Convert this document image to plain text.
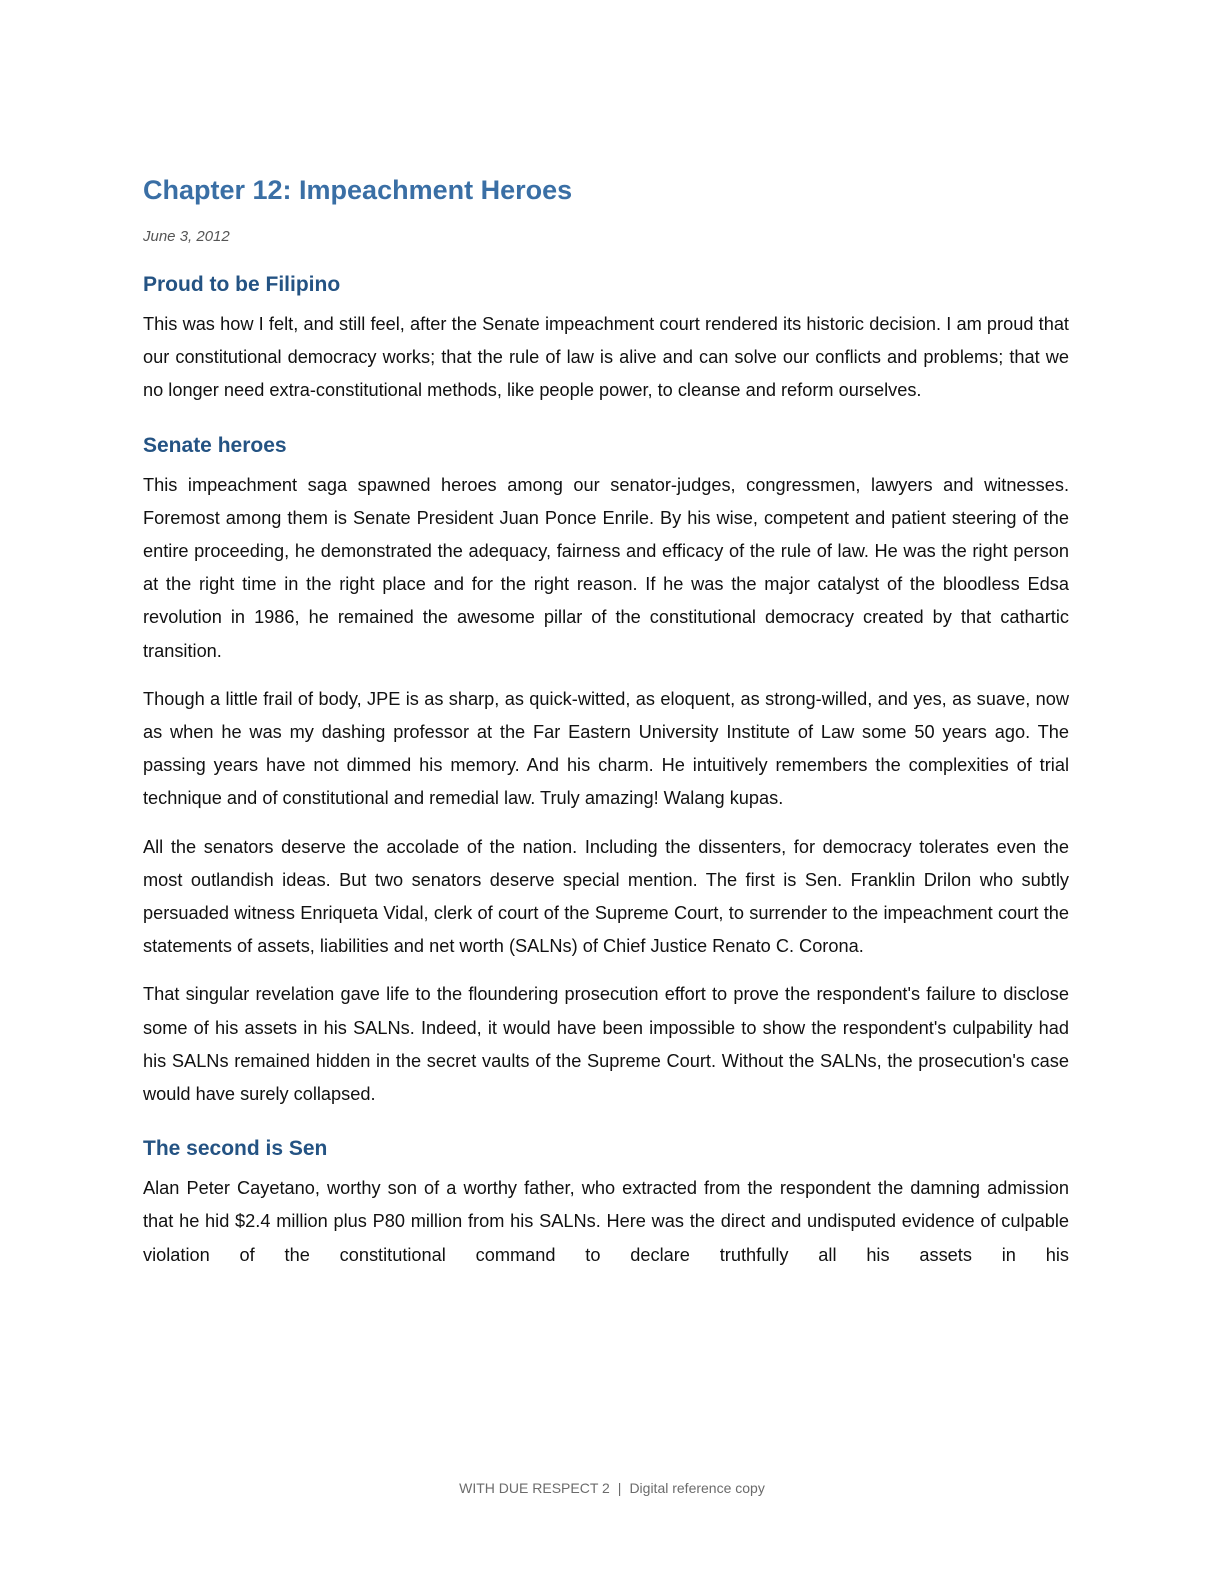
Chapter 12: Impeachment Heroes

June 3, 2012

Proud to be Filipino

This was how I felt, and still feel, after the Senate impeachment court rendered its historic decision. I am proud that our constitutional democracy works; that the rule of law is alive and can solve our conflicts and problems; that we no longer need extra-constitutional methods, like people power, to cleanse and reform ourselves.

Senate heroes

This impeachment saga spawned heroes among our senator-judges, congressmen, lawyers and witnesses. Foremost among them is Senate President Juan Ponce Enrile. By his wise, competent and patient steering of the entire proceeding, he demonstrated the adequacy, fairness and efficacy of the rule of law. He was the right person at the right time in the right place and for the right reason. If he was the major catalyst of the bloodless Edsa revolution in 1986, he remained the awesome pillar of the constitutional democracy created by that cathartic transition.

Though a little frail of body, JPE is as sharp, as quick-witted, as eloquent, as strong-willed, and yes, as suave, now as when he was my dashing professor at the Far Eastern University Institute of Law some 50 years ago. The passing years have not dimmed his memory. And his charm. He intuitively remembers the complexities of trial technique and of constitutional and remedial law. Truly amazing! Walang kupas.

All the senators deserve the accolade of the nation. Including the dissenters, for democracy tolerates even the most outlandish ideas. But two senators deserve special mention. The first is Sen. Franklin Drilon who subtly persuaded witness Enriqueta Vidal, clerk of court of the Supreme Court, to surrender to the impeachment court the statements of assets, liabilities and net worth (SALNs) of Chief Justice Renato C. Corona.

That singular revelation gave life to the floundering prosecution effort to prove the respondent's failure to disclose some of his assets in his SALNs. Indeed, it would have been impossible to show the respondent's culpability had his SALNs remained hidden in the secret vaults of the Supreme Court. Without the SALNs, the prosecution's case would have surely collapsed.

The second is Sen

Alan Peter Cayetano, worthy son of a worthy father, who extracted from the respondent the damning admission that he hid $2.4 million plus P80 million from his SALNs. Here was the direct and undisputed evidence of culpable violation of the constitutional command to declare truthfully all his assets in his

WITH DUE RESPECT 2 | Digital reference copy
